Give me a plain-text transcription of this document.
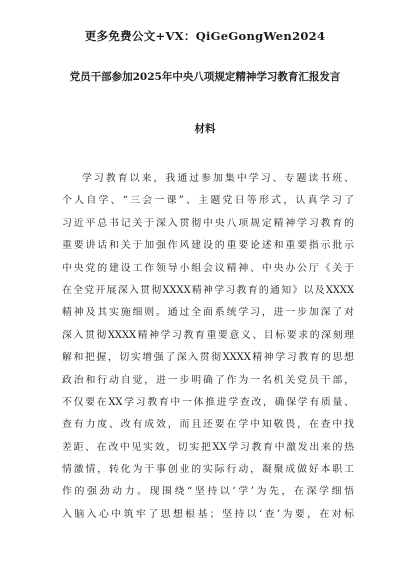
更多免费公文+VX：QiGeGongWen2024
党员干部参加2025年中央八项规定精神学习教育汇报发言
材料
学习教育以来，我通过参加集中学习、专题读书班、
个人自学、“三会一课”、主题党日等形式，认真学习了
习近平总书记关于深入贯彻中央八项规定精神学习教育的
重要讲话和关于加强作风建设的重要论述和重要指示批示
中央党的建设工作领导小组会议精神、中央办公厅《关于
在全党开展深入贯彻XXXX精神学习教育的通知》以及XXXX
精神及其实施细则。通过全面系统学习，进一步加深了对
深入贯彻XXXX精神学习教育重要意义、目标要求的深刻理
解和把握，切实增强了深入贯彻XXXX精神学习教育的思想
政治和行动自觉，进一步明确了作为一名机关党员干部，
不仅要在XX学习教育中一体推进学查改，确保学有质量、
查有力度、改有成效，而且还要在学中知敬畏，在查中找
差距、在改中见实效，切实把XX学习教育中激发出来的热
情激情，转化为干事创业的实际行动，凝聚成做好本职工
作的强劲动力。现围绕“坚持以‘学’为先，在深学细悟
入脑入心中筑牢了思想根基；坚持以‘查’为要，在对标
